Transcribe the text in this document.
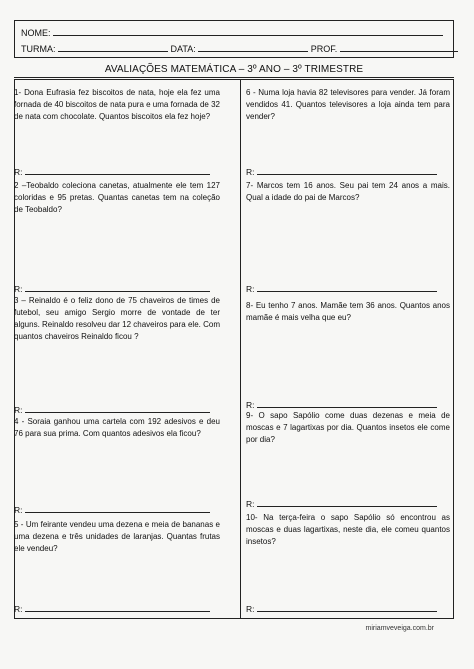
NOME:
TURMA:	DATA:	PROF.
AVALIAÇÕES MATEMÁTICA – 3º ANO – 3º TRIMESTRE
1- Dona Eufrasia fez biscoitos de nata, hoje ela fez uma fornada de 40 biscoitos de nata pura e uma fornada de 32 de nata com chocolate. Quantos biscoitos ela fez hoje?
R:
2 –Teobaldo coleciona canetas, atualmente ele tem 127 coloridas e 95 pretas. Quantas canetas tem na coleção de Teobaldo?
R:
3 – Reinaldo é o feliz dono de 75 chaveiros de times de futebol, seu amigo Sergio morre de vontade de ter alguns. Reinaldo resolveu dar 12 chaveiros para ele. Com quantos chaveiros Reinaldo ficou ?
R:
4 - Soraia ganhou uma cartela com 192 adesivos e deu 76 para sua prima. Com quantos adesivos ela ficou?
R:
5 - Um feirante vendeu uma dezena e meia de bananas e uma dezena e três unidades de laranjas. Quantas frutas ele vendeu?
R:
6 - Numa loja havia 82 televisores para vender. Já foram vendidos 41. Quantos televisores a loja ainda tem para vender?
R:
7- Marcos tem 16 anos. Seu pai tem 24 anos a mais. Qual a idade do pai de Marcos?
R:
8- Eu tenho 7 anos. Mamãe tem 36 anos. Quantos anos mamãe é mais velha que eu?
R:
9- O sapo Sapólio come duas dezenas e meia de moscas e 7 lagartixas por dia. Quantos insetos ele come por dia?
R:
10- Na terça-feira o sapo Sapólio só encontrou as moscas e duas lagartixas, neste dia, ele comeu quantos insetos?
R:
miriamveveiga.com.br
